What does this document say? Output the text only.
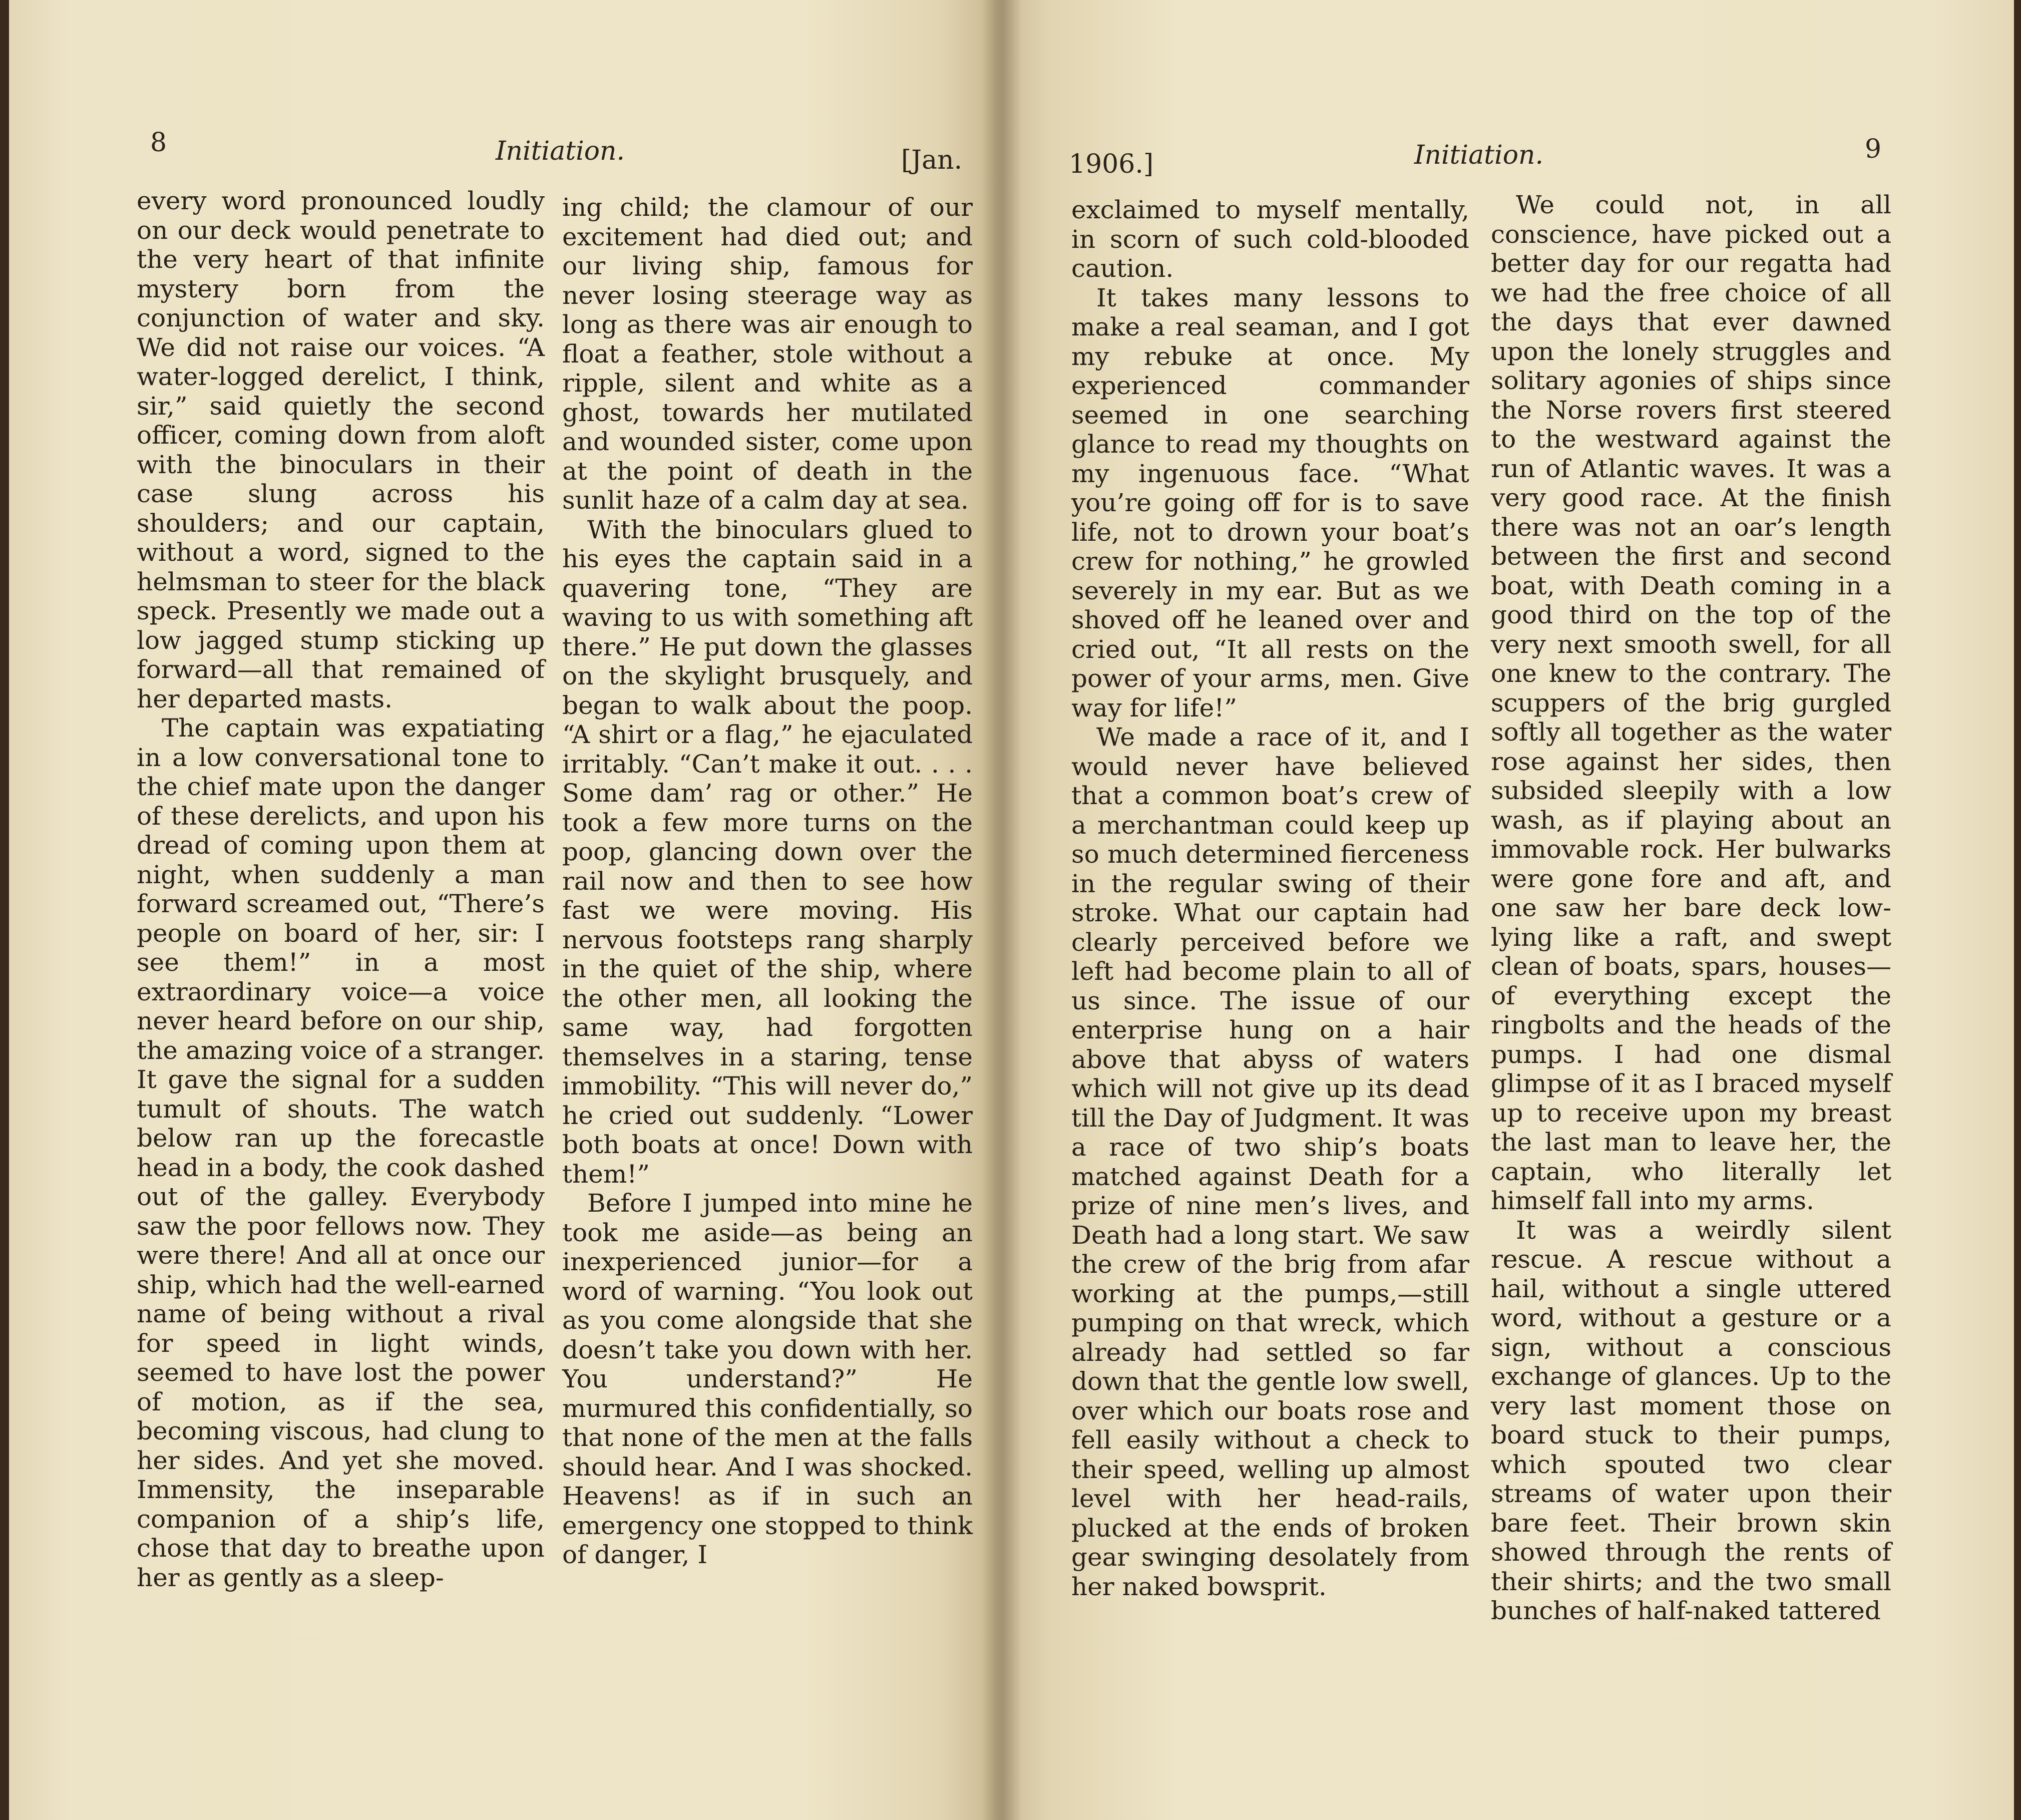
8	Initiation.	[Jan.

every word pronounced loudly on our deck would penetrate to the very heart of that infinite mystery born from the conjunction of water and sky. We did not raise our voices. “A water-logged derelict, I think, sir,” said quietly the second officer, coming down from aloft with the binoculars in their case slung across his shoulders; and our captain, without a word, signed to the helmsman to steer for the black speck. Presently we made out a low jagged stump sticking up forward—all that remained of her departed masts.

The captain was expatiating in a low conversational tone to the chief mate upon the danger of these derelicts, and upon his dread of coming upon them at night, when suddenly a man forward screamed out, “There’s people on board of her, sir: I see them!” in a most extraordinary voice—a voice never heard before on our ship, the amazing voice of a stranger. It gave the signal for a sudden tumult of shouts. The watch below ran up the forecastle head in a body, the cook dashed out of the galley. Everybody saw the poor fellows now. They were there! And all at once our ship, which had the well-earned name of being without a rival for speed in light winds, seemed to have lost the power of motion, as if the sea, becoming viscous, had clung to her sides. And yet she moved. Immensity, the inseparable companion of a ship’s life, chose that day to breathe upon her as gently as a sleep-

ing child; the clamour of our excitement had died out; and our living ship, famous for never losing steerage way as long as there was air enough to float a feather, stole without a ripple, silent and white as a ghost, towards her mutilated and wounded sister, come upon at the point of death in the sunlit haze of a calm day at sea.

With the binoculars glued to his eyes the captain said in a quavering tone, “They are waving to us with something aft there.” He put down the glasses on the skylight brusquely, and began to walk about the poop. “A shirt or a flag,” he ejaculated irritably. “Can’t make it out. . . . Some dam’ rag or other.” He took a few more turns on the poop, glancing down over the rail now and then to see how fast we were moving. His nervous footsteps rang sharply in the quiet of the ship, where the other men, all looking the same way, had forgotten themselves in a staring, tense immobility. “This will never do,” he cried out suddenly. “Lower both boats at once! Down with them!”

Before I jumped into mine he took me aside—as being an inexperienced junior—for a word of warning. “You look out as you come alongside that she doesn’t take you down with her. You understand?” He murmured this confidentially, so that none of the men at the falls should hear. And I was shocked. Heavens! as if in such an emergency one stopped to think of danger, I

1906.]	Initiation.	9

exclaimed to myself mentally, in scorn of such cold-blooded caution.

It takes many lessons to make a real seaman, and I got my rebuke at once. My experienced commander seemed in one searching glance to read my thoughts on my ingenuous face. “What you’re going off for is to save life, not to drown your boat’s crew for nothing,” he growled severely in my ear. But as we shoved off he leaned over and cried out, “It all rests on the power of your arms, men. Give way for life!”

We made a race of it, and I would never have believed that a common boat’s crew of a merchantman could keep up so much determined fierceness in the regular swing of their stroke. What our captain had clearly perceived before we left had become plain to all of us since. The issue of our enterprise hung on a hair above that abyss of waters which will not give up its dead till the Day of Judgment. It was a race of two ship’s boats matched against Death for a prize of nine men’s lives, and Death had a long start. We saw the crew of the brig from afar working at the pumps,—still pumping on that wreck, which already had settled so far down that the gentle low swell, over which our boats rose and fell easily without a check to their speed, welling up almost level with her head-rails, plucked at the ends of broken gear swinging desolately from her naked bowsprit.

We could not, in all conscience, have picked out a better day for our regatta had we had the free choice of all the days that ever dawned upon the lonely struggles and solitary agonies of ships since the Norse rovers first steered to the westward against the run of Atlantic waves. It was a very good race. At the finish there was not an oar’s length between the first and second boat, with Death coming in a good third on the top of the very next smooth swell, for all one knew to the contrary. The scuppers of the brig gurgled softly all together as the water rose against her sides, then subsided sleepily with a low wash, as if playing about an immovable rock. Her bulwarks were gone fore and aft, and one saw her bare deck low-lying like a raft, and swept clean of boats, spars, houses—of everything except the ringbolts and the heads of the pumps. I had one dismal glimpse of it as I braced myself up to receive upon my breast the last man to leave her, the captain, who literally let himself fall into my arms.

It was a weirdly silent rescue. A rescue without a hail, without a single uttered word, without a gesture or a sign, without a conscious exchange of glances. Up to the very last moment those on board stuck to their pumps, which spouted two clear streams of water upon their bare feet. Their brown skin showed through the rents of their shirts; and the two small bunches of half-naked tattered
